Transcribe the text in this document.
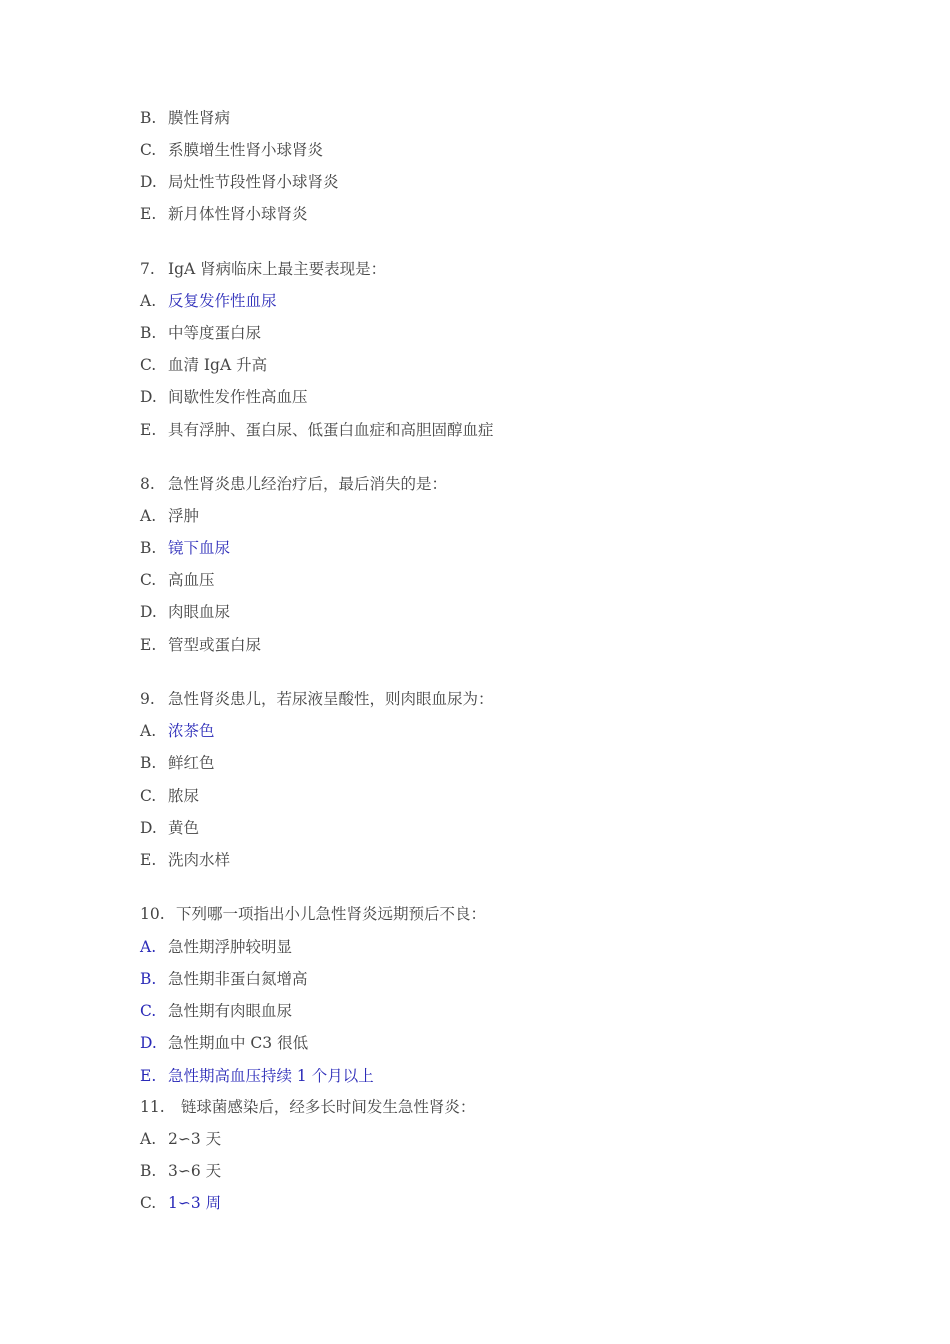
B. 膜性肾病
C. 系膜增生性肾小球肾炎
D. 局灶性节段性肾小球肾炎
E. 新月体性肾小球肾炎
7. IgA 肾病临床上最主要表现是：
A. 反复发作性血尿
B. 中等度蛋白尿
C. 血清 IgA 升高
D. 间歇性发作性高血压
E. 具有浮肿、蛋白尿、低蛋白血症和高胆固醇血症
8. 急性肾炎患儿经治疗后，最后消失的是：
A. 浮肿
B. 镜下血尿
C. 高血压
D. 肉眼血尿
E. 管型或蛋白尿
9. 急性肾炎患儿，若尿液呈酸性，则肉眼血尿为：
A. 浓茶色
B. 鲜红色
C. 脓尿
D. 黄色
E. 洗肉水样
10. 下列哪一项指出小儿急性肾炎远期预后不良：
A. 急性期浮肿较明显
B. 急性期非蛋白氮增高
C. 急性期有肉眼血尿
D. 急性期血中 C3 很低
E. 急性期高血压持续 1 个月以上
11. 链球菌感染后，经多长时间发生急性肾炎：
A. 2∽3 天
B. 3∽6 天
C. 1∽3 周
